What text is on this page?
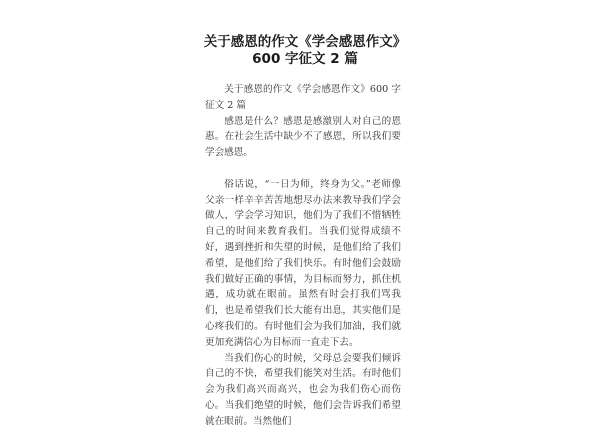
关于感恩的作文《学会感恩作文》600 字征文 2 篇

关于感恩的作文《学会感恩作文》600 字征文 2 篇

感恩是什么？感恩是感激别人对自己的恩惠。在社会生活中缺少不了感恩，所以我们要学会感恩。

俗话说，“一日为师，终身为父。”老师像父亲一样辛辛苦苦地想尽办法来教导我们学会做人，学会学习知识，他们为了我们不惜牺牲自己的时间来教育我们。当我们觉得成绩不好，遇到挫折和失望的时候，是他们给了我们希望，是他们给了我们快乐。有时他们会鼓励我们做好正确的事情，为目标而努力，抓住机遇，成功就在眼前。虽然有时会打我们骂我们，也是希望我们长大能有出息，其实他们是心疼我们的。有时他们会为我们加油，我们就更加充满信心为目标而一直走下去。

当我们伤心的时候，父母总会要我们倾诉自己的不快，希望我们能笑对生活。有时他们会为我们高兴而高兴，也会为我们伤心而伤心。当我们绝望的时候，他们会告诉我们希望就在眼前。当然他们
